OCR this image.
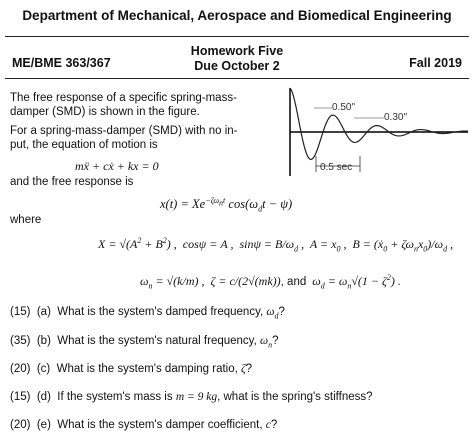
Department of Mechanical, Aerospace and Biomedical Engineering
ME/BME 363/367
Homework Five
Due October 2	Fall 2019
The free response of a specific spring-mass-
damper (SMD) is shown in the figure.
For a spring-mass-damper (SMD) with no in-
put, the equation of motion is
mẍ + cẋ + kx = 0
and the free response is
0.50"
0.30"
0.5 sec
$x(t) = Xe^{-\zeta\omega_nt}$ $\cos(\omega_dt - \psi)$
where
$X = √(A^2 + B^2)$ ,  cosψ = A ,  $\sin\psi = B/\omega_d$ ,  $A = x_0$ ,  B = (ẋ$_0$ + $\zeta\omega_nx_0)/\omega_d$ ,
$\omega_n = √(k/m)$ ,  ζ = c/(2√(mk)), and  $\omega_d = \omega_n√(1 - \zeta^2)$ .
(15) (a) What is the system's damped frequency, $\omega_d$?
(35) (b) What is the system's natural frequency, $\omega_n$?
(20) (c) What is the system's damping ratio, ζ?
(15) (d) If the system's mass is m = 9 kg, what is the spring's stiffness?
(20) (e) What is the system's damper coefficient, c?
